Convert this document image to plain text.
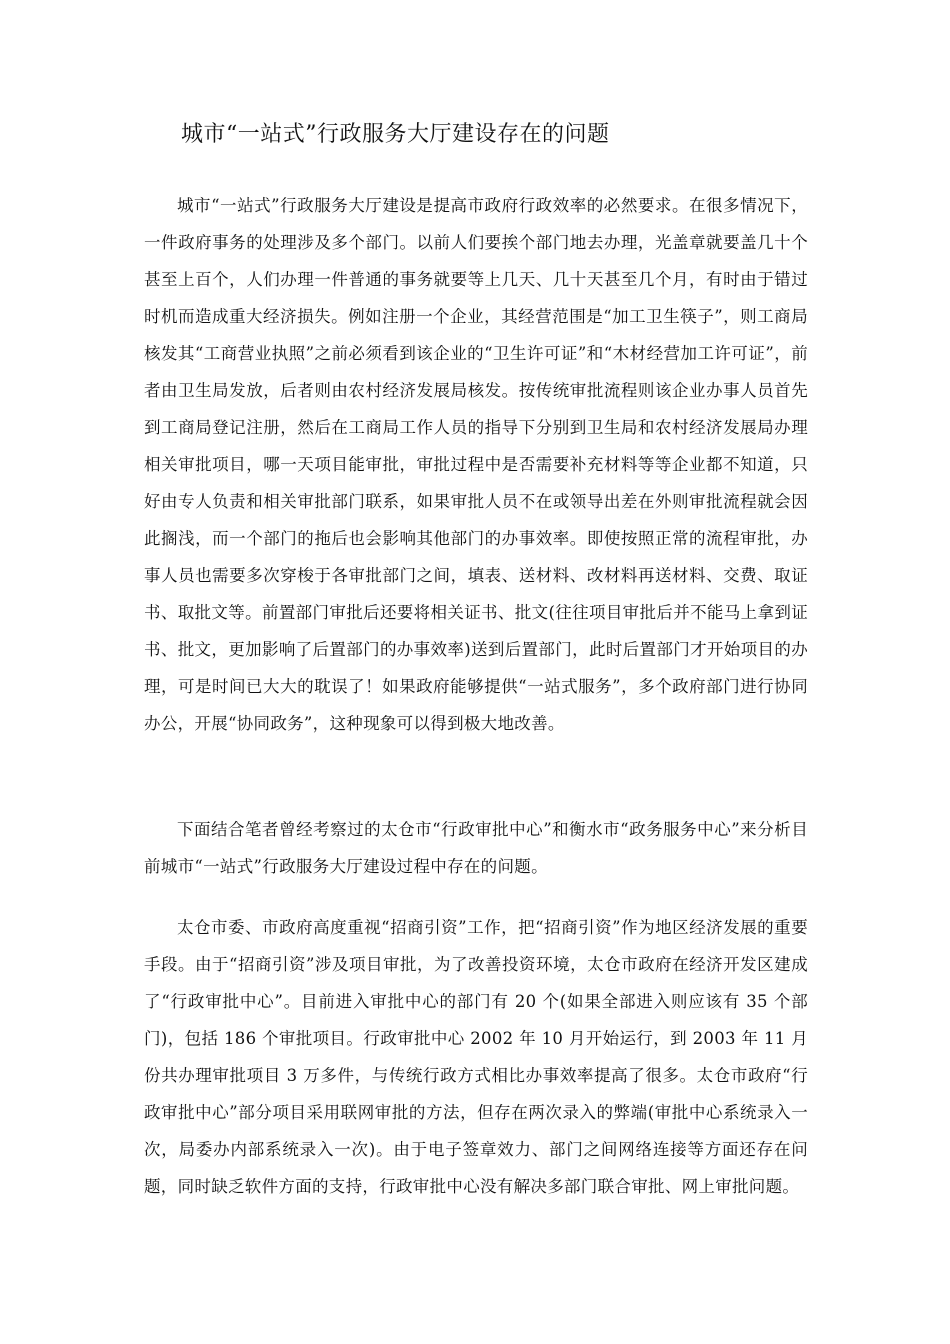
城市“一站式”行政服务大厅建设存在的问题

城市“一站式”行政服务大厅建设是提高市政府行政效率的必然要求。在很多情况下，一件政府事务的处理涉及多个部门。以前人们要挨个部门地去办理，光盖章就要盖几十个甚至上百个，人们办理一件普通的事务就要等上几天、几十天甚至几个月，有时由于错过时机而造成重大经济损失。例如注册一个企业，其经营范围是“加工卫生筷子”，则工商局核发其“工商营业执照”之前必须看到该企业的“卫生许可证”和“木材经营加工许可证”，前者由卫生局发放，后者则由农村经济发展局核发。按传统审批流程则该企业办事人员首先到工商局登记注册，然后在工商局工作人员的指导下分别到卫生局和农村经济发展局办理相关审批项目，哪一天项目能审批，审批过程中是否需要补充材料等等企业都不知道，只好由专人负责和相关审批部门联系，如果审批人员不在或领导出差在外则审批流程就会因此搁浅，而一个部门的拖后也会影响其他部门的办事效率。即使按照正常的流程审批，办事人员也需要多次穿梭于各审批部门之间，填表、送材料、改材料再送材料、交费、取证书、取批文等。前置部门审批后还要将相关证书、批文(往往项目审批后并不能马上拿到证书、批文，更加影响了后置部门的办事效率)送到后置部门，此时后置部门才开始项目的办理，可是时间已大大的耽误了！如果政府能够提供“一站式服务”，多个政府部门进行协同办公，开展“协同政务”，这种现象可以得到极大地改善。

下面结合笔者曾经考察过的太仓市“行政审批中心”和衡水市“政务服务中心”来分析目前城市“一站式”行政服务大厅建设过程中存在的问题。

太仓市委、市政府高度重视“招商引资”工作，把“招商引资”作为地区经济发展的重要手段。由于“招商引资”涉及项目审批，为了改善投资环境，太仓市政府在经济开发区建成了“行政审批中心”。目前进入审批中心的部门有 20 个(如果全部进入则应该有 35 个部门)，包括 186 个审批项目。行政审批中心 2002 年 10 月开始运行，到 2003 年 11 月份共办理审批项目 3 万多件，与传统行政方式相比办事效率提高了很多。太仓市政府“行政审批中心”部分项目采用联网审批的方法，但存在两次录入的弊端(审批中心系统录入一次，局委办内部系统录入一次)。由于电子签章效力、部门之间网络连接等方面还存在问题，同时缺乏软件方面的支持，行政审批中心没有解决多部门联合审批、网上审批问题。
